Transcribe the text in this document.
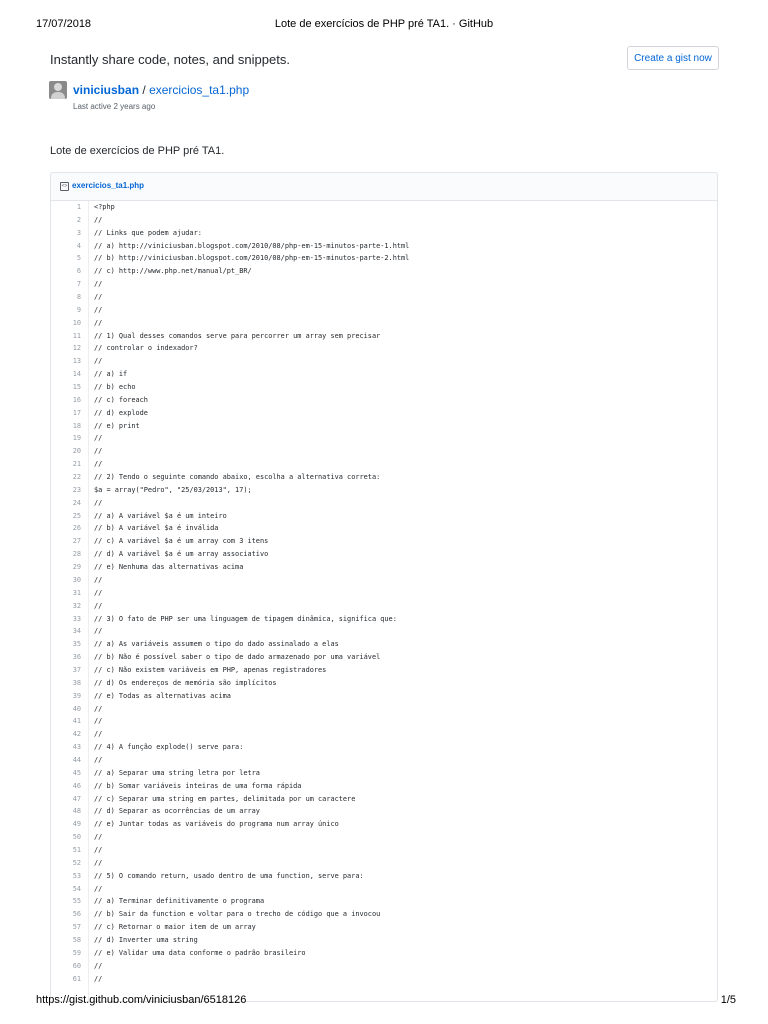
17/07/2018	Lote de exercícios de PHP pré TA1. · GitHub
Instantly share code, notes, and snippets.	Create a gist now
viniciusban / exercicios_ta1.php
Last active 2 years ago
Lote de exercícios de PHP pré TA1.
<> exercicios_ta1.php
1 <?php
2 //
3 // Links que podem ajudar:
4 // a) http://viniciusban.blogspot.com/2010/08/php-em-15-minutos-parte-1.html
5 // b) http://viniciusban.blogspot.com/2010/08/php-em-15-minutos-parte-2.html
6 // c) http://www.php.net/manual/pt_BR/
7 //
8 //
9 //
10 //
11 // 1) Qual desses comandos serve para percorrer um array sem precisar
12 // controlar o indexador?
13 //
14 // a) if
15 // b) echo
16 // c) foreach
17 // d) explode
18 // e) print
19 //
20 //
21 //
22 // 2) Tendo o seguinte comando abaixo, escolha a alternativa correta:
23 $a = array("Pedro", "25/03/2013", 17);
24 //
25 // a) A variável $a é um inteiro
26 // b) A variável $a é inválida
27 // c) A variável $a é um array com 3 itens
28 // d) A variável $a é um array associativo
29 // e) Nenhuma das alternativas acima
30 //
31 //
32 //
33 // 3) O fato de PHP ser uma linguagem de tipagem dinâmica, significa que:
34 //
35 // a) As variáveis assumem o tipo do dado assinalado a elas
36 // b) Não é possível saber o tipo de dado armazenado por uma variável
37 // c) Não existem variáveis em PHP, apenas registradores
38 // d) Os endereços de memória são implícitos
39 // e) Todas as alternativas acima
40 //
41 //
42 //
43 // 4) A função explode() serve para:
44 //
45 // a) Separar uma string letra por letra
46 // b) Somar variáveis inteiras de uma forma rápida
47 // c) Separar uma string em partes, delimitada por um caractere
48 // d) Separar as ocorrências de um array
49 // e) Juntar todas as variáveis do programa num array único
50 //
51 //
52 //
53 // 5) O comando return, usado dentro de uma function, serve para:
54 //
55 // a) Terminar definitivamente o programa
56 // b) Sair da function e voltar para o trecho de código que a invocou
57 // c) Retornar o maior item de um array
58 // d) Inverter uma string
59 // e) Validar uma data conforme o padrão brasileiro
60 //
61 //
https://gist.github.com/viniciusban/6518126	1/5
